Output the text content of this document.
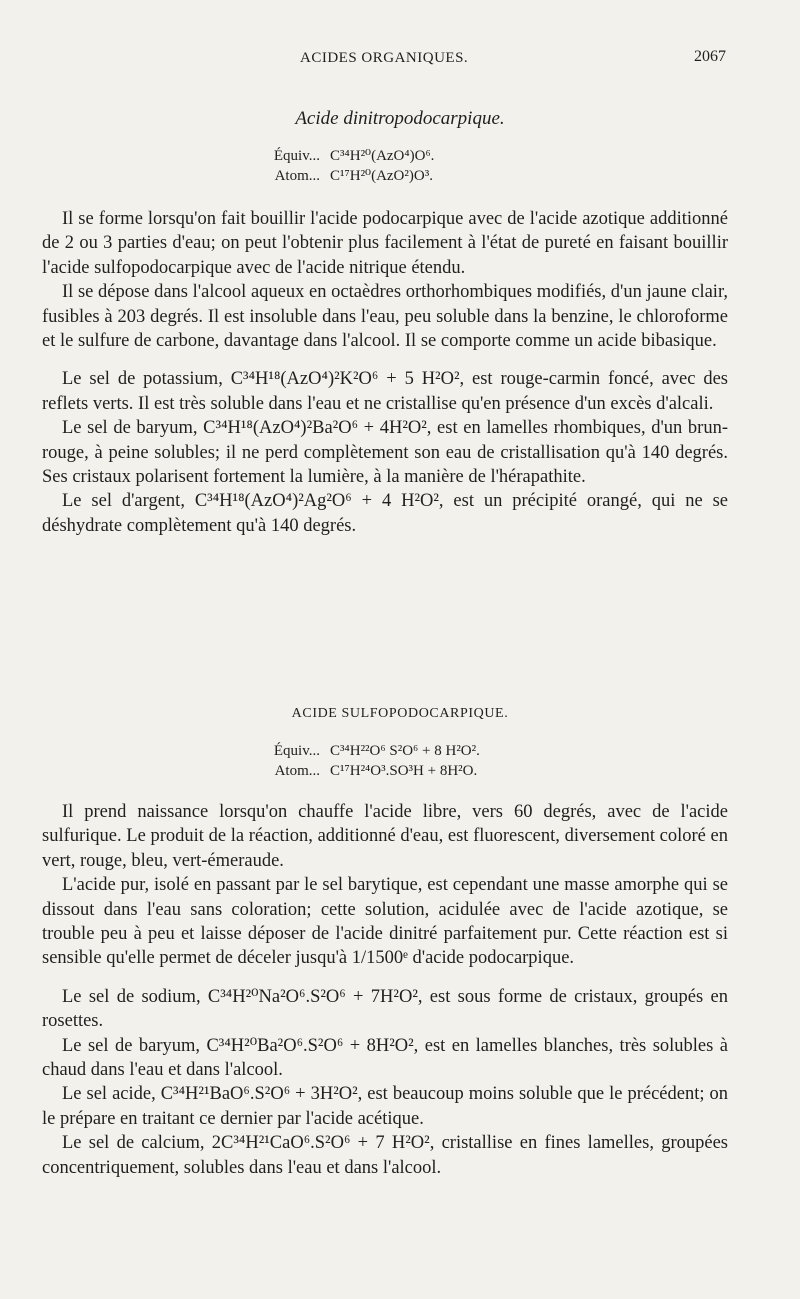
ACIDES ORGANIQUES.	2067
Acide dinitropodocarpique.
Équiv... C³⁴H²⁰(AzO⁴)O⁶.
Atom... C¹⁷H²⁰(AzO²)O³.

Il se forme lorsqu'on fait bouillir l'acide podocarpique avec de l'acide azotique additionné de 2 ou 3 parties d'eau; on peut l'obtenir plus facilement à l'état de pureté en faisant bouillir l'acide sulfopodocarpique avec de l'acide nitrique étendu.

Il se dépose dans l'alcool aqueux en octaèdres orthorhombiques modifiés, d'un jaune clair, fusibles à 203 degrés. Il est insoluble dans l'eau, peu soluble dans la benzine, le chloroforme et le sulfure de carbone, davantage dans l'alcool. Il se comporte comme un acide bibasique.

Le sel de potassium, C³⁴H¹⁸(AzO⁴)²K²O⁶ + 5 H²O², est rouge-carmin foncé, avec des reflets verts. Il est très soluble dans l'eau et ne cristallise qu'en présence d'un excès d'alcali.

Le sel de baryum, C³⁴H¹⁸(AzO⁴)²Ba²O⁶ + 4H²O², est en lamelles rhombiques, d'un brun-rouge, à peine solubles; il ne perd complètement son eau de cristallisation qu'à 140 degrés. Ses cristaux polarisent fortement la lumière, à la manière de l'hérapathite.

Le sel d'argent, C³⁴H¹⁸(AzO⁴)²Ag²O⁶ + 4 H²O², est un précipité orangé, qui ne se déshydrate complètement qu'à 140 degrés.

ACIDE SULFOPODOCARPIQUE.
Équiv... C³⁴H²²O⁶ S²O⁶ + 8 H²O².
Atom... C¹⁷H²⁴O³.SO³H + 8H²O.

Il prend naissance lorsqu'on chauffe l'acide libre, vers 60 degrés, avec de l'acide sulfurique. Le produit de la réaction, additionné d'eau, est fluorescent, diversement coloré en vert, rouge, bleu, vert-émeraude.

L'acide pur, isolé en passant par le sel barytique, est cependant une masse amorphe qui se dissout dans l'eau sans coloration; cette solution, acidulée avec de l'acide azotique, se trouble peu à peu et laisse déposer de l'acide dinitré parfaitement pur. Cette réaction est si sensible qu'elle permet de déceler jusqu'à 1/1500ᵉ d'acide podocarpique.

Le sel de sodium, C³⁴H²⁰Na²O⁶.S²O⁶ + 7H²O², est sous forme de cristaux, groupés en rosettes.

Le sel de baryum, C³⁴H²⁰Ba²O⁶.S²O⁶ + 8H²O², est en lamelles blanches, très solubles à chaud dans l'eau et dans l'alcool.

Le sel acide, C³⁴H²¹BaO⁶.S²O⁶ + 3H²O², est beaucoup moins soluble que le précédent; on le prépare en traitant ce dernier par l'acide acétique.

Le sel de calcium, 2C³⁴H²¹CaO⁶.S²O⁶ + 7 H²O², cristallise en fines lamelles, groupées concentriquement, solubles dans l'eau et dans l'alcool.
